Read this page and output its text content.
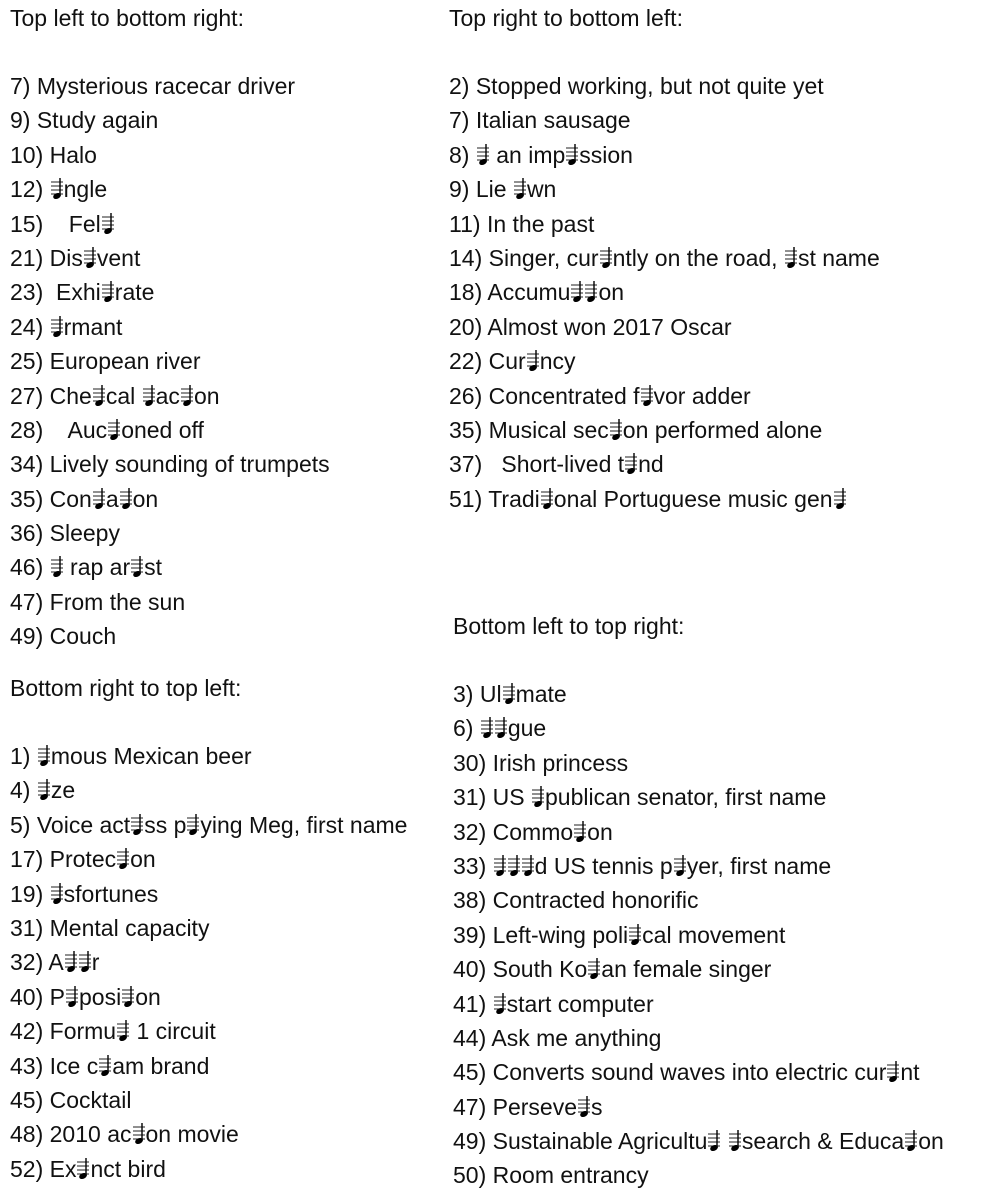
Top left to bottom right:
7) Mysterious racecar driver
9) Study again
10) Halo
12) ngle
15)    Fel
21) Dis vent
23)  Exhi rate
24) rmant
25) European river
27) Che cal
ac on
28)    Auc oned off
34) Lively sounding of trumpets
35) Con a on
36) Sleepy
46)
rap ar st
47) From the sun
49) Couch
Top right to bottom left:
2) Stopped working, but not quite yet
7) Italian sausage
8)
an imp ssion
9) Lie
wn
11) In the past
14) Singer, cur ntly on the road,
st name
18) Accumu on
20) Almost won 2017 Oscar
22) Cur ncy
26) Concentrated f vor adder
35) Musical sec on performed alone
37)   Short-lived t nd
51) Tradi onal Portuguese music gen
Bottom right to top left:
1) mous Mexican beer
4) ze
5) Voice act ss p ying Meg, first name
17) Protec on
19) sfortunes
31) Mental capacity
32) A r
40) P posi on
42) Formu
1 circuit
43) Ice c am brand
45) Cocktail
48) 2010 ac on movie
52) Ex nct bird
Bottom left to top right:
3) Ul mate
6) gue
30) Irish princess
31) US
publican senator, first name
32) Commo on
33) d US tennis p yer, first name
38) Contracted honorific
39) Left-wing poli cal movement
40) South Ko an female singer
41) start computer
44) Ask me anything
45) Converts sound waves into electric cur nt
47) Perseve s
49) Sustainable Agricultu
search & Educa on
50) Room entrancy
